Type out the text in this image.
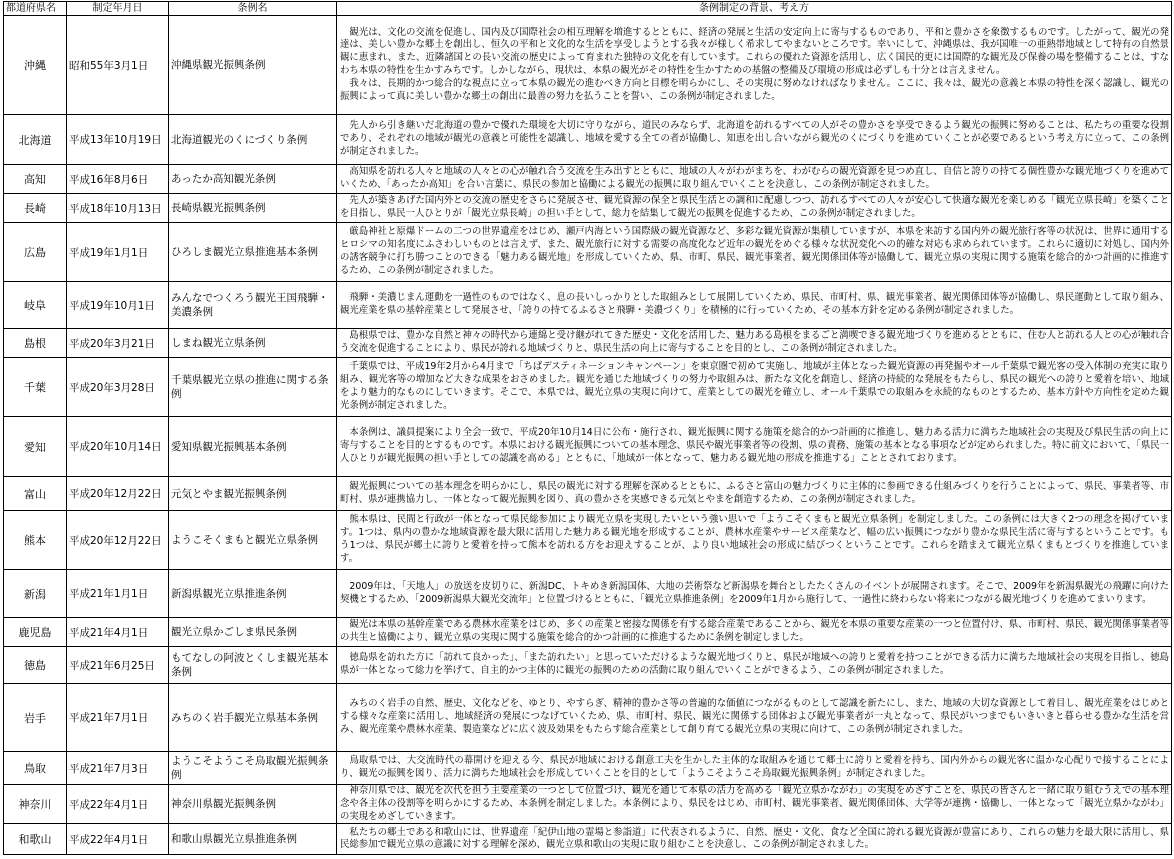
都道府県名	制定年月日	条例名	条例制定の背景、考え方
沖縄	昭和55年3月1日	沖縄県観光振興条例	　観光は、文化の交流を促進し、国内及び国際社会の相互理解を増進するとともに、経済の発展と生活の安定向上に寄与するものであり、平和と豊かさを象徴するものです。したがって、観光の発達は、美しい豊かな郷土を創出し、恒久の平和と文化的な生活を享受しようとする我々が様しく希求してやまないところです。幸いにして、沖縄県は、我が国唯一の亜熱帯地域として特有の自然景観に恵まれ、また、近隣諸国との長い交流の歴史によって育まれた独特の文化を有しています。これらの優れた資源を活用し、広く国民的更には国際的な観光及び保養の場を整備することは、すなわち本県の特性を生かすみちです。しかしながら、現状は、本県の観光がその特性を生かすための基盤の整備及び環境の形成は必ずしも十分とは言えません。
　我々は、長期的かつ総合的な視点に立って本県の観光の進むべき方向と目標を明らかにし、その実現に努めなければなりません。ここに、我々は、観光の意義と本県の特性を深く認識し、観光の振興によって真に美しい豊かな郷土の創出に最善の努力を払うことを誓い、この条例が制定されました。
北海道	平成13年10月19日	北海道観光のくにづくり条例	　先人から引き継いだ北海道の豊かで優れた環境を大切に守りながら、道民のみならず、北海道を訪れるすべての人がその豊かさを享受できるよう観光の振興に努めることは、私たちの重要な役割であり、それぞれの地域が観光の意義と可能性を認識し、地域を愛する全ての者が協働し、知恵を出し合いながら観光のくにづくりを進めていくことが必要であるという考え方に立って、この条例が制定されました。
高知	平成16年8月6日	あったか高知観光条例	　高知県を訪れる人々と地域の人々との心が触れ合う交流を生み出すとともに、地域の人々がわがまちを、わがむらの観光資源を見つめ直し、自信と誇りの持てる個性豊かな観光地づくりを進めていくため、「あったか高知」を合い言葉に、県民の参加と協働による観光の振興に取り組んでいくことを決意し、この条例が制定されました。
長崎	平成18年10月13日	長崎県観光振興条例	　先人が築きあげた国内外との交流の歴史をさらに発展させ、観光資源の保全と県民生活との調和に配慮しつつ、訪れるすべての人々が安心して快適な観光を楽しめる「観光立県長崎」を築くことを目指し、県民一人ひとりが「観光立県長崎」の担い手として、総力を結集して観光の振興を促進するため、この条例が制定されました。
広島	平成19年1月1日	ひろしま観光立県推進基本条例	　厳島神社と原爆ドームの二つの世界遺産をはじめ、瀬戸内海という国際級の観光資源など、多彩な観光資源が集積していますが、本県を来訪する国内外の観光旅行客等の状況は、世界に通用するヒロシマの知名度にふさわしいものとは言えず、また、観光旅行に対する需要の高度化など近年の観光をめぐる様々な状況変化への的確な対応も求められています。これらに適切に対処し、国内外の誘客競争に打ち勝つことのできる「魅力ある観光地」を形成していくため、県、市町、県民、観光事業者、観光関係団体等が協働して、観光立県の実現に関する施策を総合的かつ計画的に推進するため、この条例が制定されました。
岐阜	平成19年10月1日	みんなでつくろう観光王国飛騨・美濃条例	　飛騨・美濃じまん運動を一過性のものではなく、息の長いしっかりとした取組みとして展開していくため、県民、市町村、県、観光事業者、観光関係団体等が協働し、県民運動として取り組み、観光産業を県の基幹産業として発展させ、「誇りの持てるふるさと飛騨・美濃づくり」を積極的に行っていくため、その基本方針を定める条例が制定されました。
島根	平成20年3月21日	しまね観光立県条例	　島根県では、豊かな自然と神々の時代から連綿と受け継がれてきた歴史・文化を活用した、魅力ある島根をまるごと満喫できる観光地づくりを進めるとともに、住む人と訪れる人との心が触れ合う交流を促進することにより、県民が誇れる地域づくりと、県民生活の向上に寄与することを目的とし、この条例が制定されました。
千葉	平成20年3月28日	千葉県観光立県の推進に関する条例	　千葉県では、平成19年2月から4月まで「ちばデスティネーションキャンペーン」を東京圏で初めて実施し、地域が主体となった観光資源の再発掘やオール千葉県で観光客の受入体制の充実に取り組み、観光客等の増加など大きな成果をおさめました。観光を通じた地域づくりの努力や取組みは、新たな文化を創造し、経済の持続的な発展をもたらし、県民の観光への誇りと愛着を培い、地域をより魅力的なものにしていきます。そこで、本県では、観光立県の実現に向けて、産業としての観光を確立し、オール千葉県での取組みを永続的なものとするため、基本方針や方向性を定めた観光条例が制定されました。
愛知	平成20年10月14日	愛知県観光振興基本条例	　本条例は、議員提案により全会一致で、平成20年10月14日に公布・施行され、観光振興に関する施策を総合的かつ計画的に推進し、魅力ある活力に満ちた地域社会の実現及び県民生活の向上に寄与することを目的とするものです。本県における観光振興についての基本理念、県民や観光事業者等の役割、県の責務、施策の基本となる事項などが定められました。特に前文において、「県民一人ひとりが観光振興の担い手としての認識を高める」とともに、「地域が一体となって、魅力ある観光地の形成を推進する」こととされております。
富山	平成20年12月22日	元気とやま観光振興条例	　観光振興についての基本理念を明らかにし、県民の観光に対する理解を深めるとともに、ふるさと富山の魅力づくりに主体的に参画できる仕組みづくりを行うことによって、県民、事業者等、市町村、県が連携協力し、一体となって観光振興を図り、真の豊かさを実感できる元気とやまを創造するため、この条例が制定されました。
熊本	平成20年12月22日	ようこそくまもと観光立県条例	　熊本県は、民間と行政が一体となって県民総参加により観光立県を実現したいという強い思いで「ようこそくまもと観光立県条例」を制定しました。この条例には大きく2つの理念を掲げています。1つは、県内の豊かな地域資源を最大限に活用した魅力ある観光地を形成することが、農林水産業やサービス産業など、幅の広い振興につながり豊かな県民生活に寄与するということです。もう1つは、県民が郷土に誇りと愛着を持って熊本を訪れる方をお迎えすることが、より良い地域社会の形成に結びつくということです。これらを踏まえて観光立県くまもとづくりを推進しています。
新潟	平成21年1月1日	新潟県観光立県推進条例	　2009年は、「天地人」の放送を皮切りに、新潟DC、トキめき新潟国体、大地の芸術祭など新潟県を舞台としたたくさんのイベントが展開されます。そこで、2009年を新潟県観光の飛躍に向けた契機とするため、「2009新潟県大観光交流年」と位置づけるとともに、「観光立県推進条例」を2009年1月から施行して、一過性に終わらない将来につながる観光地づくりを進めてまいります。
鹿児島	平成21年4月1日	観光立県かごしま県民条例	　観光は本県の基幹産業である農林水産業をはじめ、多くの産業と密接な関係を有する総合産業であることから、観光を本県の重要な産業の一つと位置付け、県、市町村、県民、観光関係事業者等の共生と協働により、観光立県の実現に関する施策を総合的かつ計画的に推進するために条例を制定しました。
徳島	平成21年6月25日	もてなしの阿波とくしま観光基本条例	　徳島県を訪れた方に「訪れて良かった」、「また訪れたい」と思っていただけるような観光地づくりと、県民が地域への誇りと愛着を持つことができる活力に満ちた地域社会の実現を目指し、徳島県が一体となって総力を挙げて、自主的かつ主体的に観光の振興のための活動に取り組んでいくことができるよう、この条例が制定されました。
岩手	平成21年7月1日	みちのく岩手観光立県基本条例	　みちのく岩手の自然、歴史、文化などを、ゆとり、やすらぎ、精神的豊かさ等の普遍的な価値につながるものとして認識を新たにし、また、地域の大切な資源として着目し、観光産業をはじめとする様々な産業に活用し、地域経済の発展につなげていくため、県、市町村、県民、観光に関係する団体および観光事業者が一丸となって、県民がいつまでもいきいきと暮らせる豊かな生活を営み、観光産業や農林水産業、製造業などに広く波及効果をもたらす総合産業として創り育てる観光立県の実現に向けて、この条例が制定されました。
鳥取	平成21年7月3日	ようこそようこそ鳥取観光振興条例	　鳥取県では、大交流時代の幕開けを迎える今、県民が地域における創意工夫を生かした主体的な取組みを通じて郷土に誇りと愛着を持ち、国内外からの観光客に温かな心配りで接することにより、観光の振興を図り、活力に満ちた地域社会を形成していくことを目的として「ようこそようこそ鳥取観光振興条例」が制定されました。
神奈川	平成22年4月1日	神奈川県観光振興条例	　神奈川県では、観光を次代を担う主要産業の一つとして位置づけ、観光を通じて本県の活力を高める「観光立県かながわ」の実現をめざすことを、県民の皆さんと一緒に取り組むうえでの基本理念や各主体の役割等を明らかにするため、本条例を制定しました。本条例により、県民をはじめ、市町村、観光事業者、観光関係団体、大学等が連携・協働し、一体となって「観光立県かながわ」の実現をめざしていきます。
和歌山	平成22年4月1日	和歌山県観光立県推進条例	　私たちの郷土である和歌山には、世界遺産「紀伊山地の霊場と参詣道」に代表されるように、自然、歴史・文化、食など全国に誇れる観光資源が豊富にあり、これらの魅力を最大限に活用し、県民総参加で観光立県の意識に対する理解を深め、観光立県和歌山の実現に取り組むことを決意し、この条例が制定されました。
